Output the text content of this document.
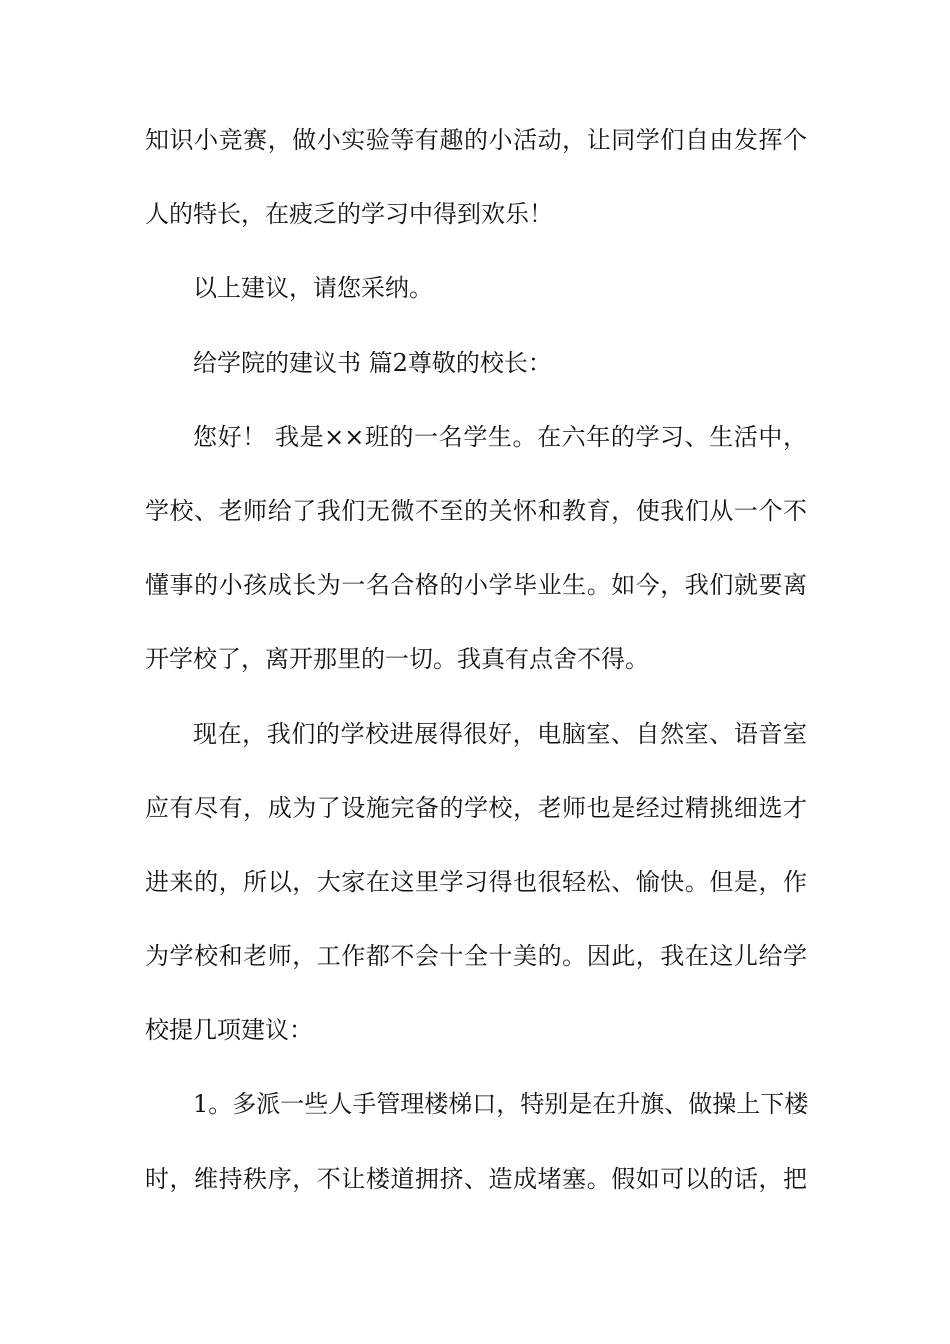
知识小竞赛，做小实验等有趣的小活动，让同学们自由发挥个
人的特长，在疲乏的学习中得到欢乐！
以上建议，请您采纳。
给学院的建议书 篇2尊敬的校长：
您好！ 我是××班的一名学生。在六年的学习、生活中，
学校、老师给了我们无微不至的关怀和教育，使我们从一个不
懂事的小孩成长为一名合格的小学毕业生。如今，我们就要离
开学校了，离开那里的一切。我真有点舍不得。
现在，我们的学校进展得很好，电脑室、自然室、语音室
应有尽有，成为了设施完备的学校，老师也是经过精挑细选才
进来的，所以，大家在这里学习得也很轻松、愉快。但是，作
为学校和老师，工作都不会十全十美的。因此，我在这儿给学
校提几项建议：
1。多派一些人手管理楼梯口，特别是在升旗、做操上下楼
时，维持秩序，不让楼道拥挤、造成堵塞。假如可以的话，把
